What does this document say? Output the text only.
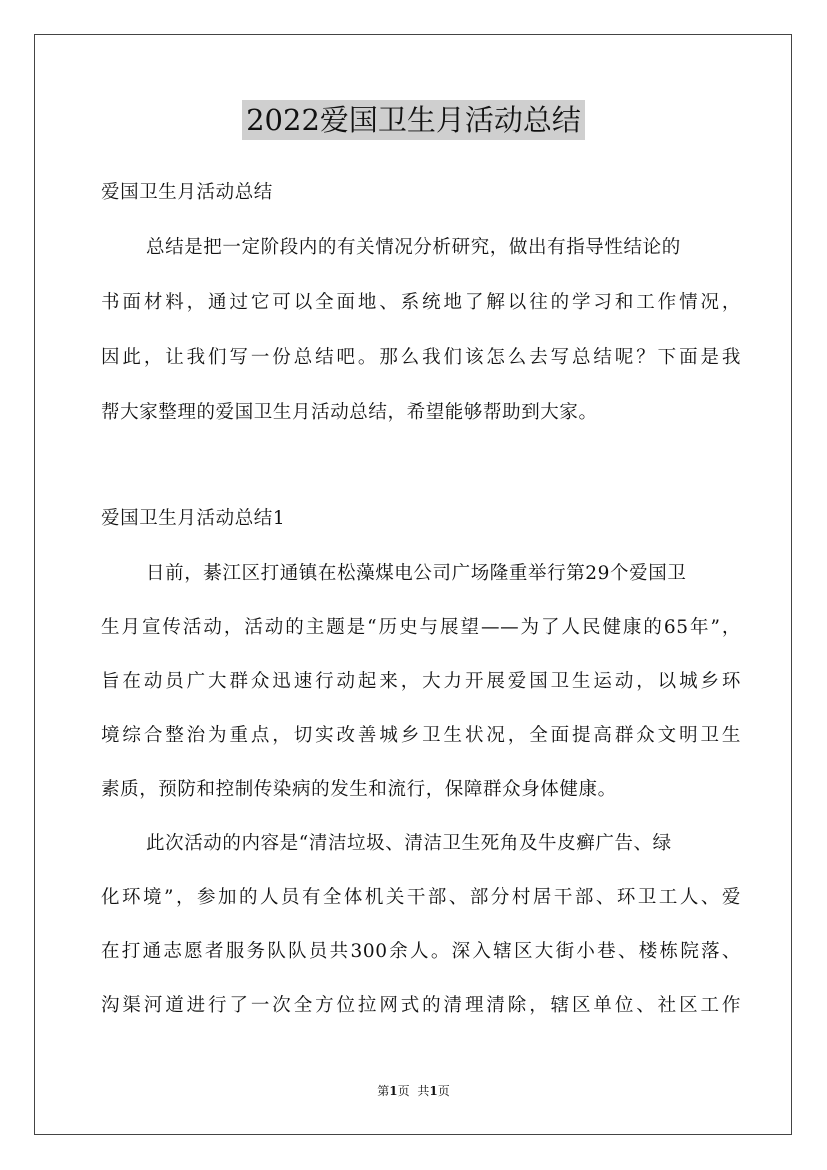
2022爱国卫生月活动总结
爱国卫生月活动总结
总结是把一定阶段内的有关情况分析研究，做出有指导性结论的
书面材料，通过它可以全面地、系统地了解以往的学习和工作情况，
因此，让我们写一份总结吧。那么我们该怎么去写总结呢？下面是我
帮大家整理的爱国卫生月活动总结，希望能够帮助到大家。
爱国卫生月活动总结1
日前，綦江区打通镇在松藻煤电公司广场隆重举行第29个爱国卫
生月宣传活动，活动的主题是“历史与展望——为了人民健康的65年”，
旨在动员广大群众迅速行动起来，大力开展爱国卫生运动，以城乡环
境综合整治为重点，切实改善城乡卫生状况，全面提高群众文明卫生
素质，预防和控制传染病的发生和流行，保障群众身体健康。
此次活动的内容是“清洁垃圾、清洁卫生死角及牛皮癣广告、绿
化环境”，参加的人员有全体机关干部、部分村居干部、环卫工人、爱
在打通志愿者服务队队员共300余人。深入辖区大街小巷、楼栋院落、
沟渠河道进行了一次全方位拉网式的清理清除，辖区单位、社区工作
第1页 共1页
